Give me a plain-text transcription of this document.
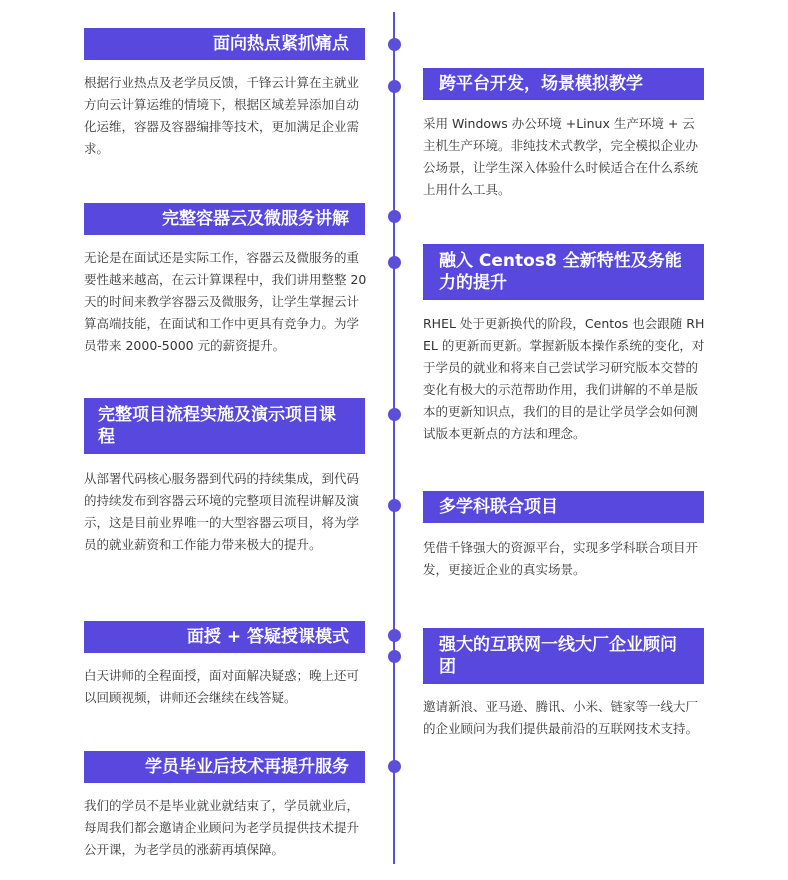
面向热点紧抓痛点
根据行业热点及老学员反馈，千锋云计算在主就业方向云计算运维的情境下，根据区域差异添加自动化运维，容器及容器编排等技术，更加满足企业需求。
完整容器云及微服务讲解
无论是在面试还是实际工作，容器云及微服务的重要性越来越高，在云计算课程中，我们讲用整整 20 天的时间来教学容器云及微服务，让学生掌握云计算高端技能，在面试和工作中更具有竞争力。为学员带来 2000-5000 元的薪资提升。
完整项目流程实施及演示项目课程
从部署代码核心服务器到代码的持续集成，到代码的持续发布到容器云环境的完整项目流程讲解及演示，这是目前业界唯一的大型容器云项目，将为学员的就业薪资和工作能力带来极大的提升。
面授 + 答疑授课模式
白天讲师的全程面授，面对面解决疑惑；晚上还可以回顾视频，讲师还会继续在线答疑。
学员毕业后技术再提升服务
我们的学员不是毕业就业就结束了，学员就业后，每周我们都会邀请企业顾问为老学员提供技术提升公开课，为老学员的涨薪再填保障。
跨平台开发，场景模拟教学
采用 Windows 办公环境 +Linux 生产环境 + 云主机生产环境。非纯技术式教学，完全模拟企业办公场景，让学生深入体验什么时候适合在什么系统上用什么工具。
融入 Centos8 全新特性及务能力的提升
RHEL 处于更新换代的阶段，Centos 也会跟随 RHEL 的更新而更新。掌握新版本操作系统的变化，对于学员的就业和将来自己尝试学习研究版本交替的变化有极大的示范帮助作用，我们讲解的不单是版本的更新知识点，我们的目的是让学员学会如何测试版本更新点的方法和理念。
多学科联合项目
凭借千锋强大的资源平台，实现多学科联合项目开发，更接近企业的真实场景。
强大的互联网一线大厂企业顾问团
邀请新浪、亚马逊、腾讯、小米、链家等一线大厂的企业顾问为我们提供最前沿的互联网技术支持。
